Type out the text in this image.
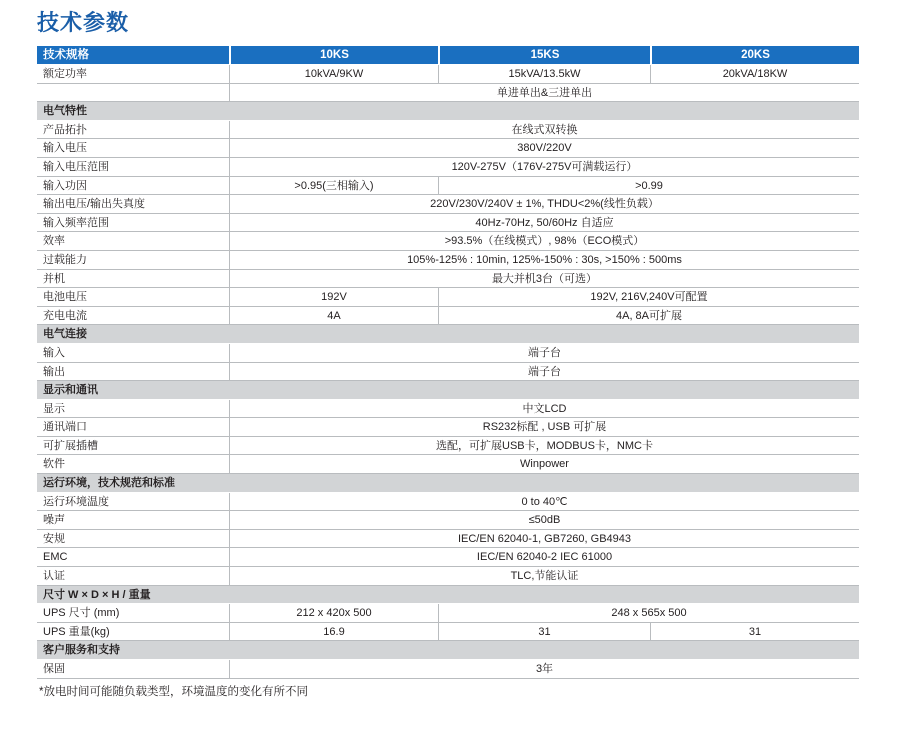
技术参数
技术规格	10KS	15KS	20KS
额定功率	10kVA/9KW	15kVA/13.5kW	20kVA/18KW
单进单出&三进单出
电气特性
产品拓扑	在线式双转换
输入电压	380V/220V
输入电压范围	120V-275V（176V-275V可满载运行）
输入功因	>0.95(三相输入)	>0.99
输出电压/输出失真度	220V/230V/240V ± 1%, THDU<2%(线性负载）
输入频率范围	40Hz-70Hz, 50/60Hz 自适应
效率	>93.5%（在线模式）, 98%（ECO模式）
过载能力	105%-125% : 10min, 125%-150% : 30s, >150% : 500ms
并机	最大并机3台（可选）
电池电压	192V	192V, 216V,240V可配置
充电电流	4A	4A, 8A可扩展
电气连接
输入	端子台
输出	端子台
显示和通讯
显示	中文LCD
通讯端口	RS232标配 , USB 可扩展
可扩展插槽	选配，可扩展USB卡，MODBUS卡，NMC卡
软件	Winpower
运行环境，技术规范和标准
运行环境温度	0 to 40℃
噪声	≤50dB
安规	IEC/EN 62040-1, GB7260, GB4943
EMC	IEC/EN 62040-2 IEC 61000
认证	TLC,节能认证
尺寸 W × D × H / 重量
UPS 尺寸 (mm)	212 x 420x 500	248 x 565x 500
UPS 重量(kg)	16.9	31	31
客户服务和支持
保固	3年
*放电时间可能随负载类型，环境温度的变化有所不同
